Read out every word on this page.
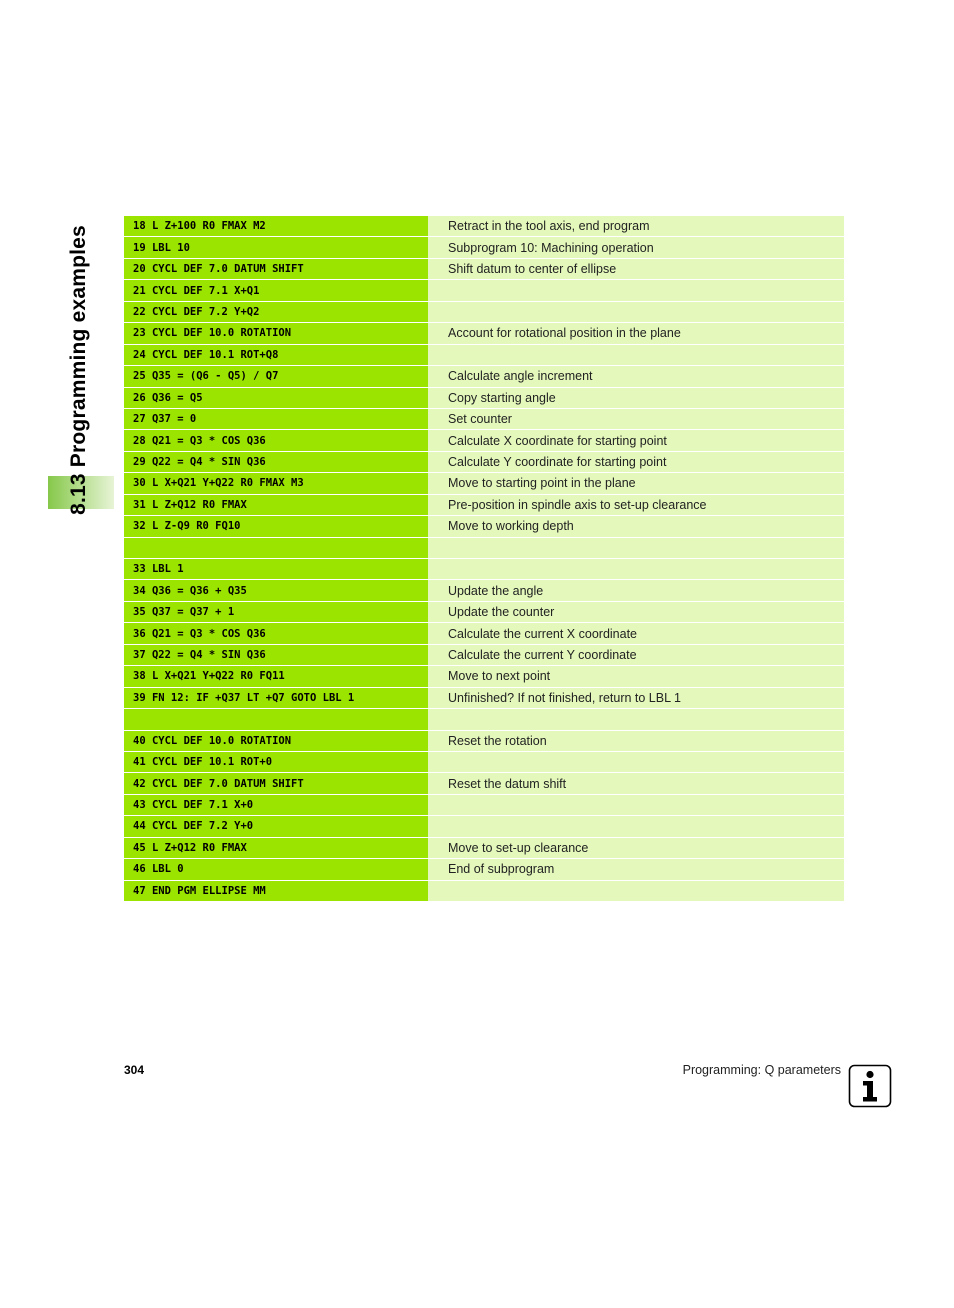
8.13 Programming examples	18 L Z+100 R0 FMAX M2	Retract in the tool axis, end program
19 LBL 10	Subprogram 10: Machining operation
20 CYCL DEF 7.0 DATUM SHIFT	Shift datum to center of ellipse
21 CYCL DEF 7.1 X+Q1
22 CYCL DEF 7.2 Y+Q2
23 CYCL DEF 10.0 ROTATION	Account for rotational position in the plane
24 CYCL DEF 10.1 ROT+Q8
25 Q35 = (Q6 - Q5) / Q7	Calculate angle increment
26 Q36 = Q5	Copy starting angle
27 Q37 = 0	Set counter
28 Q21 = Q3 * COS Q36	Calculate X coordinate for starting point
29 Q22 = Q4 * SIN Q36	Calculate Y coordinate for starting point
30 L X+Q21 Y+Q22 R0 FMAX M3	Move to starting point in the plane
31 L Z+Q12 R0 FMAX	Pre-position in spindle axis to set-up clearance
32 L Z-Q9 R0 FQ10	Move to working depth
33 LBL 1
34 Q36 = Q36 + Q35	Update the angle
35 Q37 = Q37 + 1	Update the counter
36 Q21 = Q3 * COS Q36	Calculate the current X coordinate
37 Q22 = Q4 * SIN Q36	Calculate the current Y coordinate
38 L X+Q21 Y+Q22 R0 FQ11	Move to next point
39 FN 12: IF +Q37 LT +Q7 GOTO LBL 1	Unfinished? If not finished, return to LBL 1
40 CYCL DEF 10.0 ROTATION	Reset the rotation
41 CYCL DEF 10.1 ROT+0
42 CYCL DEF 7.0 DATUM SHIFT	Reset the datum shift
43 CYCL DEF 7.1 X+0
44 CYCL DEF 7.2 Y+0
45 L Z+Q12 R0 FMAX	Move to set-up clearance
46 LBL 0	End of subprogram
47 END PGM ELLIPSE MM
304	Programming: Q parameters
